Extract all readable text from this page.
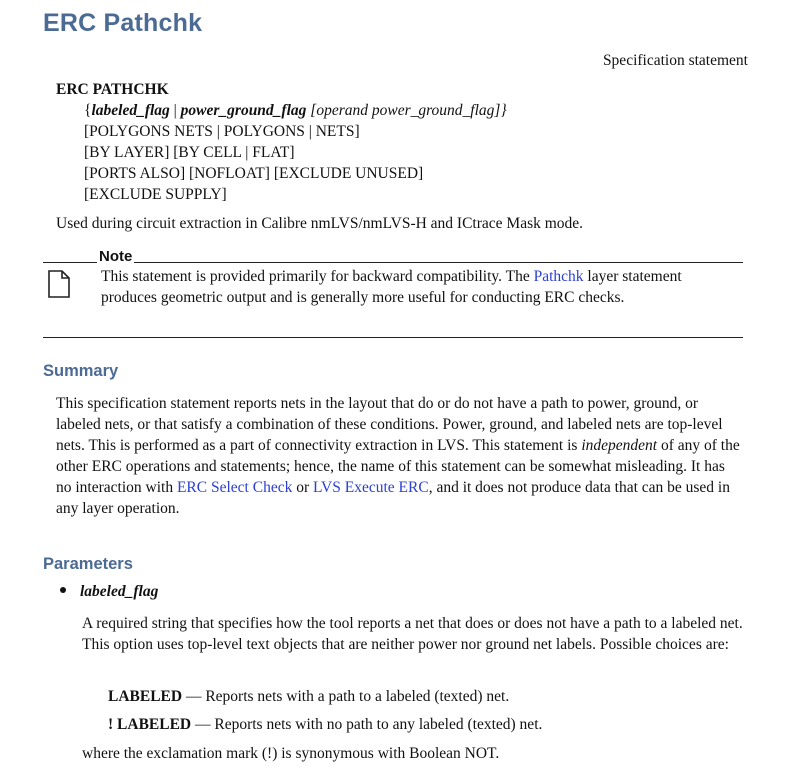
ERC Pathchk
Specification statement
ERC PATHCHK
{labeled_flag | power_ground_flag [operand power_ground_flag]}
[POLYGONS NETS | POLYGONS | NETS]
[BY LAYER] [BY CELL | FLAT]
[PORTS ALSO] [NOFLOAT] [EXCLUDE UNUSED]
[EXCLUDE SUPPLY]
Used during circuit extraction in Calibre nmLVS/nmLVS-H and ICtrace Mask mode.
Note
This statement is provided primarily for backward compatibility. The Pathchk layer statement produces geometric output and is generally more useful for conducting ERC checks.
Summary
This specification statement reports nets in the layout that do or do not have a path to power, ground, or labeled nets, or that satisfy a combination of these conditions. Power, ground, and labeled nets are top-level nets. This is performed as a part of connectivity extraction in LVS. This statement is independent of any of the other ERC operations and statements; hence, the name of this statement can be somewhat misleading. It has no interaction with ERC Select Check or LVS Execute ERC, and it does not produce data that can be used in any layer operation.
Parameters
labeled_flag
A required string that specifies how the tool reports a net that does or does not have a path to a labeled net. This option uses top-level text objects that are neither power nor ground net labels. Possible choices are:
LABELED — Reports nets with a path to a labeled (texted) net.
! LABELED — Reports nets with no path to any labeled (texted) net.
where the exclamation mark (!) is synonymous with Boolean NOT.
